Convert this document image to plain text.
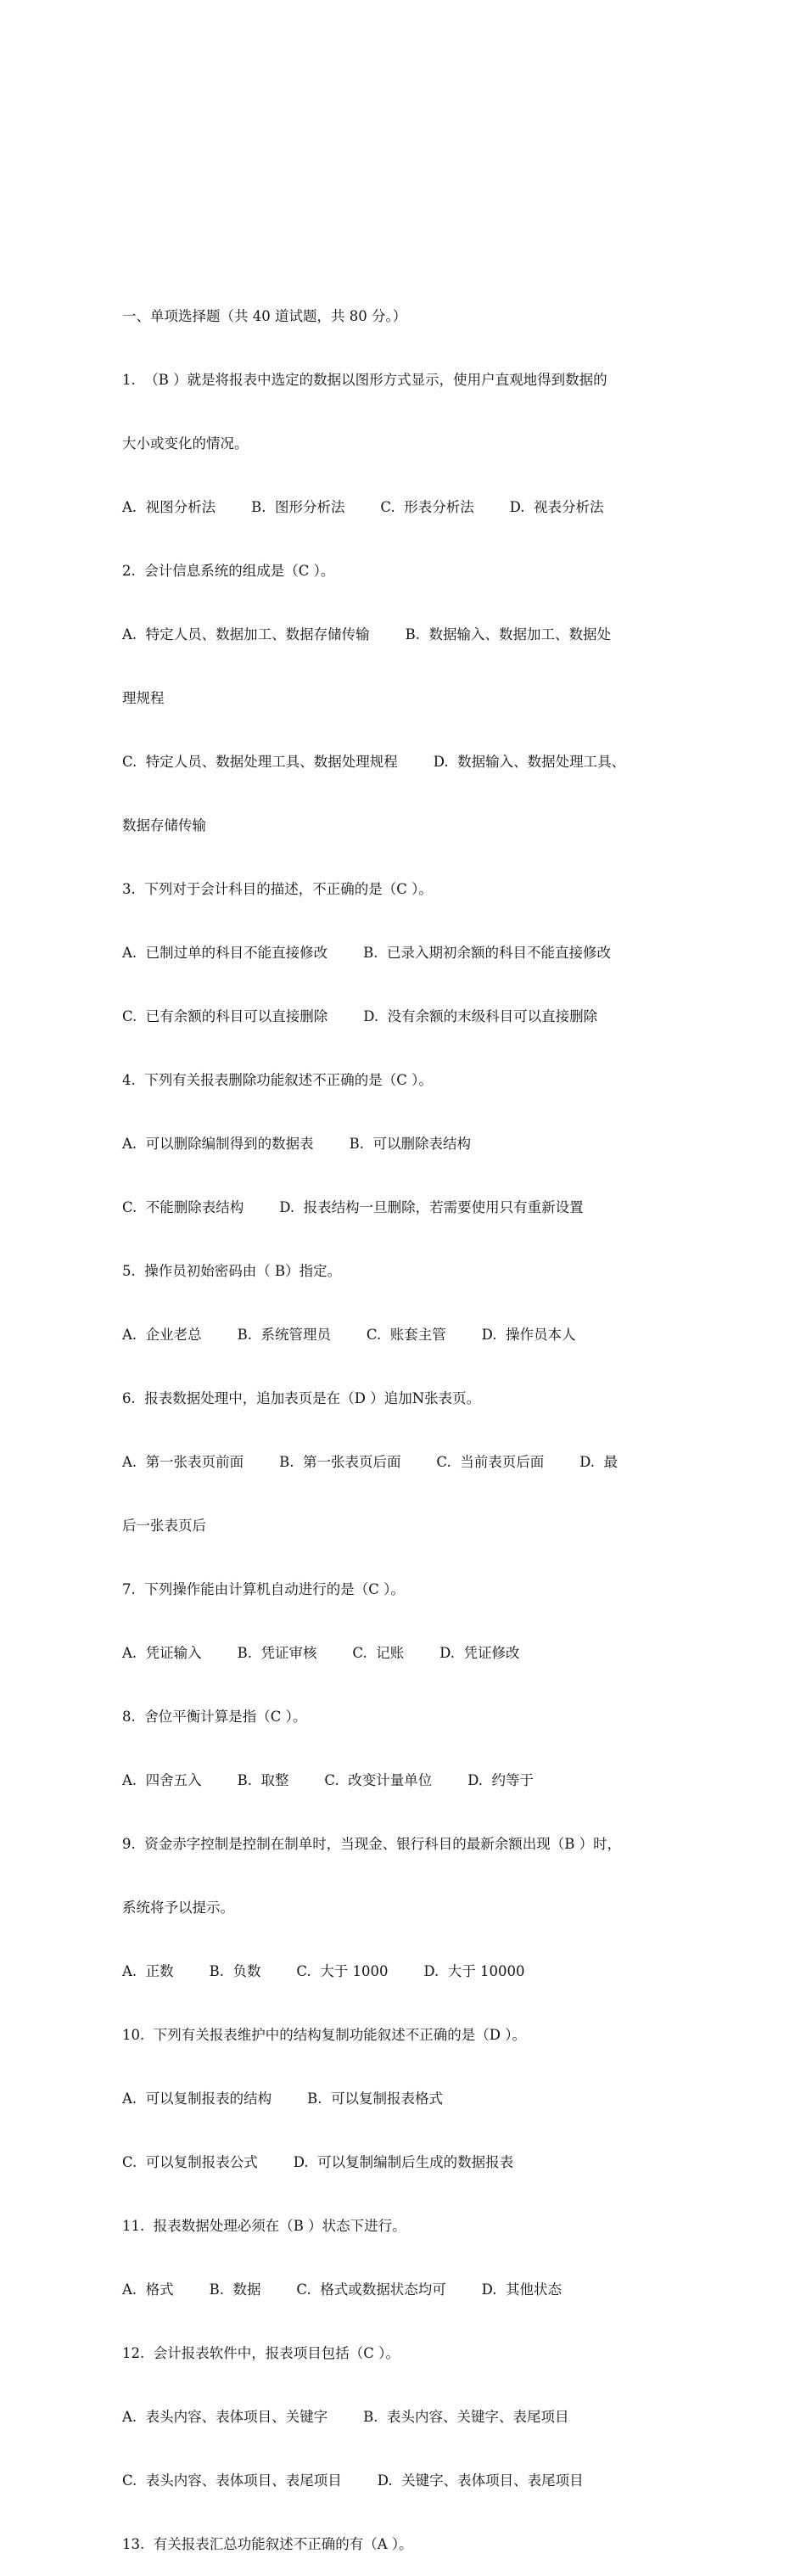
一、单项选择题（共 40 道试题，共 80 分。）

1.  （B ）就是将报表中选定的数据以图形方式显示，使用户直观地得到数据的

大小或变化的情况。

A.  视图分析法        B.  图形分析法        C.  形表分析法        D.  视表分析法

2.  会计信息系统的组成是（C ）。

A.  特定人员、数据加工、数据存储传输        B.  数据输入、数据加工、数据处

理规程

C.  特定人员、数据处理工具、数据处理规程        D.  数据输入、数据处理工具、

数据存储传输

3.  下列对于会计科目的描述，不正确的是（C ）。

A.  已制过单的科目不能直接修改        B.  已录入期初余额的科目不能直接修改

C.  已有余额的科目可以直接删除        D.  没有余额的末级科目可以直接删除

4.  下列有关报表删除功能叙述不正确的是（C ）。

A.  可以删除编制得到的数据表        B.  可以删除表结构

C.  不能删除表结构        D.  报表结构一旦删除，若需要使用只有重新设置

5.  操作员初始密码由（ B）指定。

A.  企业老总        B.  系统管理员        C.  账套主管        D.  操作员本人

6.  报表数据处理中，追加表页是在（D ）追加N张表页。

A.  第一张表页前面        B.  第一张表页后面        C.  当前表页后面        D.  最

后一张表页后

7.  下列操作能由计算机自动进行的是（C ）。

A.  凭证输入        B.  凭证审核        C.  记账        D.  凭证修改

8.  舍位平衡计算是指（C ）。

A.  四舍五入        B.  取整        C.  改变计量单位        D.  约等于

9.  资金赤字控制是控制在制单时，当现金、银行科目的最新余额出现（B ）时，

系统将予以提示。

A.  正数        B.  负数        C.  大于 1000        D.  大于 10000

10.  下列有关报表维护中的结构复制功能叙述不正确的是（D ）。

A.  可以复制报表的结构        B.  可以复制报表格式

C.  可以复制报表公式        D.  可以复制编制后生成的数据报表

11.  报表数据处理必须在（B ）状态下进行。

A.  格式        B.  数据        C.  格式或数据状态均可        D.  其他状态

12.  会计报表软件中，报表项目包括（C ）。

A.  表头内容、表体项目、关键字        B.  表头内容、关键字、表尾项目

C.  表头内容、表体项目、表尾项目        D.  关键字、表体项目、表尾项目

13.  有关报表汇总功能叙述不正确的有（A ）。
